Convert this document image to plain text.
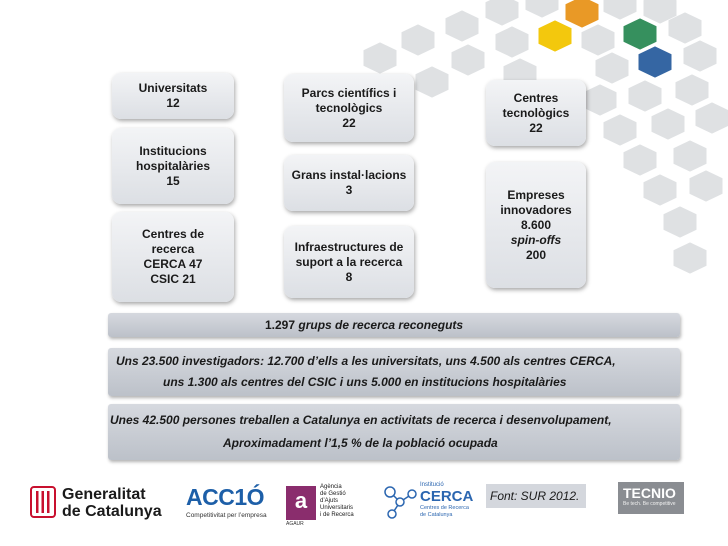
Universitats
12
Institucions
hospitalàries
15
Centres de
recerca
CERCA 47
CSIC 21
Parcs científics i
tecnològics
22
Grans instal·lacions
3
Infraestructures de
suport a la recerca
8
Centres
tecnològics
22
Empreses
innovadores
8.600
spin-offs
200
1.297 grups de recerca reconeguts
Uns 23.500 investigadors: 12.700 d’ells a les universitats, uns 4.500 als centres CERCA,
uns 1.300 als centres del CSIC i uns 5.000 en institucions hospitalàries
Unes 42.500 persones treballen a Catalunya en activitats de recerca i desenvolupament,
Aproximadament l’1,5 % de la població ocupada
Generalitat
de Catalunya
ACC1Ó
Competitivitat per l’empresa
a
AGAUR
Agència
de Gestió
d’Ajuts
Universitaris
i de Recerca
Institució
CERCA
Centres de Recerca
de Catalunya
Font: SUR 2012.	TECNIO
Be tech. Be competitive
